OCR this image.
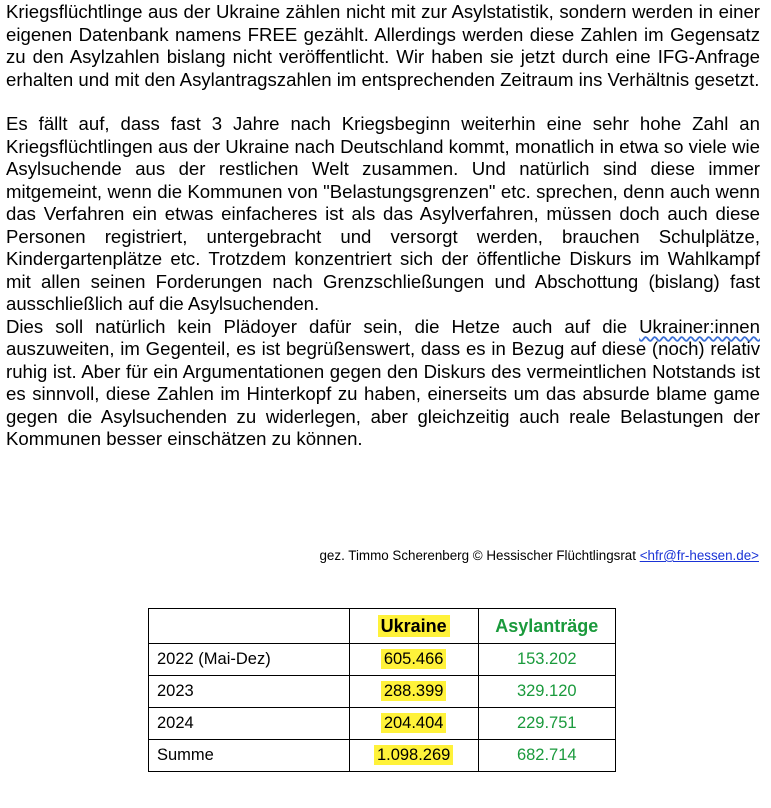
Kriegsflüchtlinge aus der Ukraine zählen nicht mit zur Asylstatistik, sondern werden in einer eigenen Datenbank namens FREE gezählt. Allerdings werden diese Zahlen im Gegensatz zu den Asylzahlen bislang nicht veröffentlicht. Wir haben sie jetzt durch eine IFG-Anfrage erhalten und mit den Asylantragszahlen im entsprechenden Zeitraum ins Verhältnis gesetzt.

Es fällt auf, dass fast 3 Jahre nach Kriegsbeginn weiterhin eine sehr hohe Zahl an Kriegsflüchtlingen aus der Ukraine nach Deutschland kommt, monatlich in etwa so viele wie Asylsuchende aus der restlichen Welt zusammen. Und natürlich sind diese immer mitgemeint, wenn die Kommunen von "Belastungsgrenzen" etc. sprechen, denn auch wenn das Verfahren ein etwas einfacheres ist als das Asylverfahren, müssen doch auch diese Personen registriert, untergebracht und versorgt werden, brauchen Schulplätze, Kindergartenplätze etc. Trotzdem konzentriert sich der öffentliche Diskurs im Wahlkampf mit allen seinen Forderungen nach Grenzschließungen und Abschottung (bislang) fast ausschließlich auf die Asylsuchenden.

Dies soll natürlich kein Plädoyer dafür sein, die Hetze auch auf die Ukrainer:innen auszuweiten, im Gegenteil, es ist begrüßenswert, dass es in Bezug auf diese (noch) relativ ruhig ist. Aber für ein Argumentationen gegen den Diskurs des vermeintlichen Notstands ist es sinnvoll, diese Zahlen im Hinterkopf zu haben, einerseits um das absurde blame game gegen die Asylsuchenden zu widerlegen, aber gleichzeitig auch reale Belastungen der Kommunen besser einschätzen zu können.

gez. Timmo Scherenberg © Hessischer Flüchtlingsrat <hfr@fr-hessen.de>
	Ukraine	Asylanträge
2022 (Mai-Dez)	605.466	153.202
2023	288.399	329.120
2024	204.404	229.751
Summe	1.098.269	682.714
